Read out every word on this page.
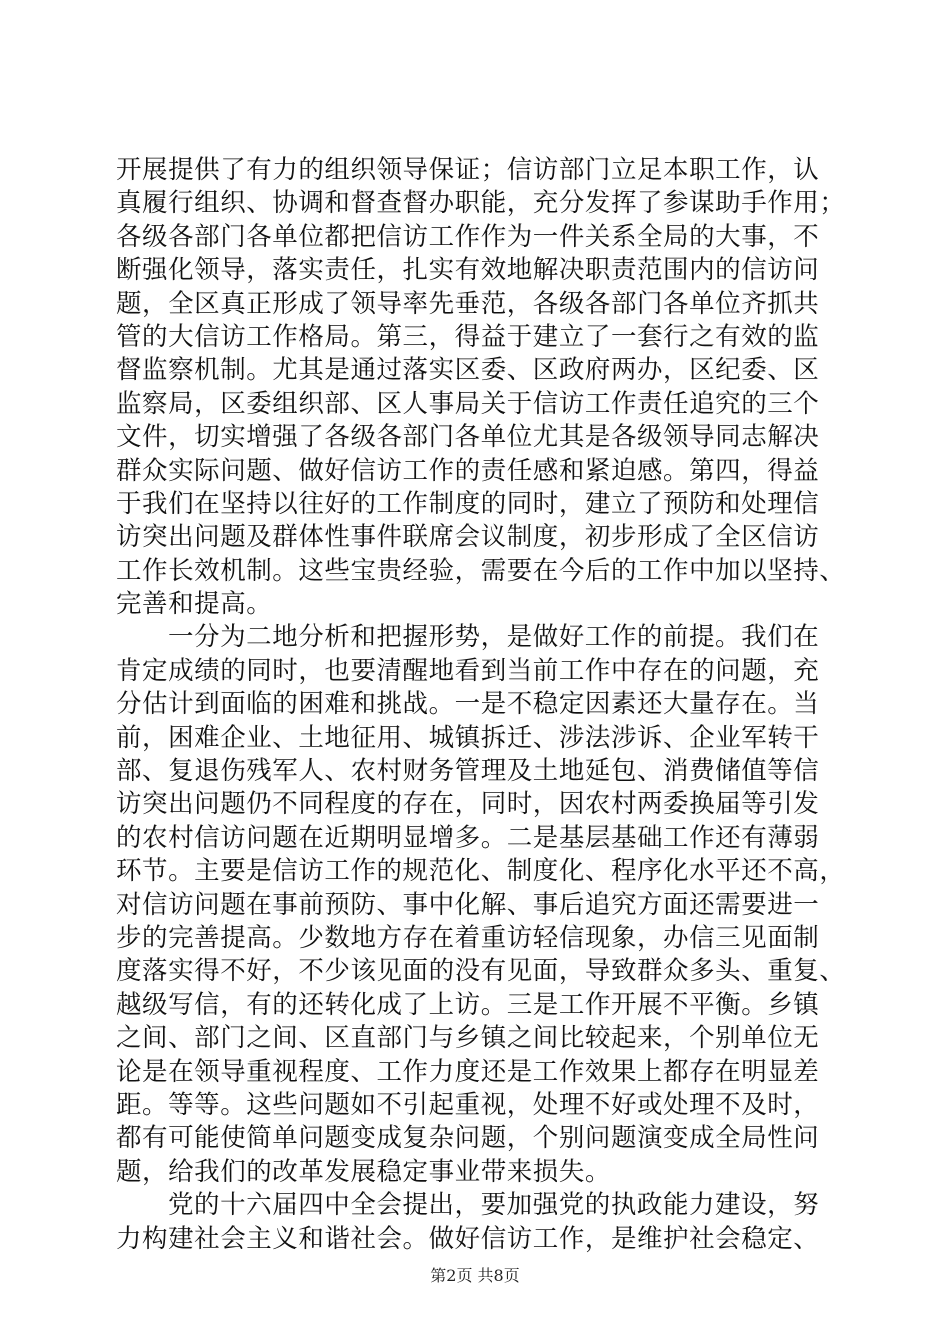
开展提供了有力的组织领导保证；信访部门立足本职工作，认
真履行组织、协调和督查督办职能，充分发挥了参谋助手作用；
各级各部门各单位都把信访工作作为一件关系全局的大事，不
断强化领导，落实责任，扎实有效地解决职责范围内的信访问
题，全区真正形成了领导率先垂范，各级各部门各单位齐抓共
管的大信访工作格局。第三，得益于建立了一套行之有效的监
督监察机制。尤其是通过落实区委、区政府两办，区纪委、区
监察局，区委组织部、区人事局关于信访工作责任追究的三个
文件，切实增强了各级各部门各单位尤其是各级领导同志解决
群众实际问题、做好信访工作的责任感和紧迫感。第四，得益
于我们在坚持以往好的工作制度的同时，建立了预防和处理信
访突出问题及群体性事件联席会议制度，初步形成了全区信访
工作长效机制。这些宝贵经验，需要在今后的工作中加以坚持、
完善和提高。
一分为二地分析和把握形势，是做好工作的前提。我们在
肯定成绩的同时，也要清醒地看到当前工作中存在的问题，充
分估计到面临的困难和挑战。一是不稳定因素还大量存在。当
前，困难企业、土地征用、城镇拆迁、涉法涉诉、企业军转干
部、复退伤残军人、农村财务管理及土地延包、消费储值等信
访突出问题仍不同程度的存在，同时，因农村两委换届等引发
的农村信访问题在近期明显增多。二是基层基础工作还有薄弱
环节。主要是信访工作的规范化、制度化、程序化水平还不高，
对信访问题在事前预防、事中化解、事后追究方面还需要进一
步的完善提高。少数地方存在着重访轻信现象，办信三见面制
度落实得不好，不少该见面的没有见面，导致群众多头、重复、
越级写信，有的还转化成了上访。三是工作开展不平衡。乡镇
之间、部门之间、区直部门与乡镇之间比较起来，个别单位无
论是在领导重视程度、工作力度还是工作效果上都存在明显差
距。等等。这些问题如不引起重视，处理不好或处理不及时，
都有可能使简单问题变成复杂问题，个别问题演变成全局性问
题，给我们的改革发展稳定事业带来损失。
党的十六届四中全会提出，要加强党的执政能力建设，努
力构建社会主义和谐社会。做好信访工作，是维护社会稳定、
第2页 共8页
